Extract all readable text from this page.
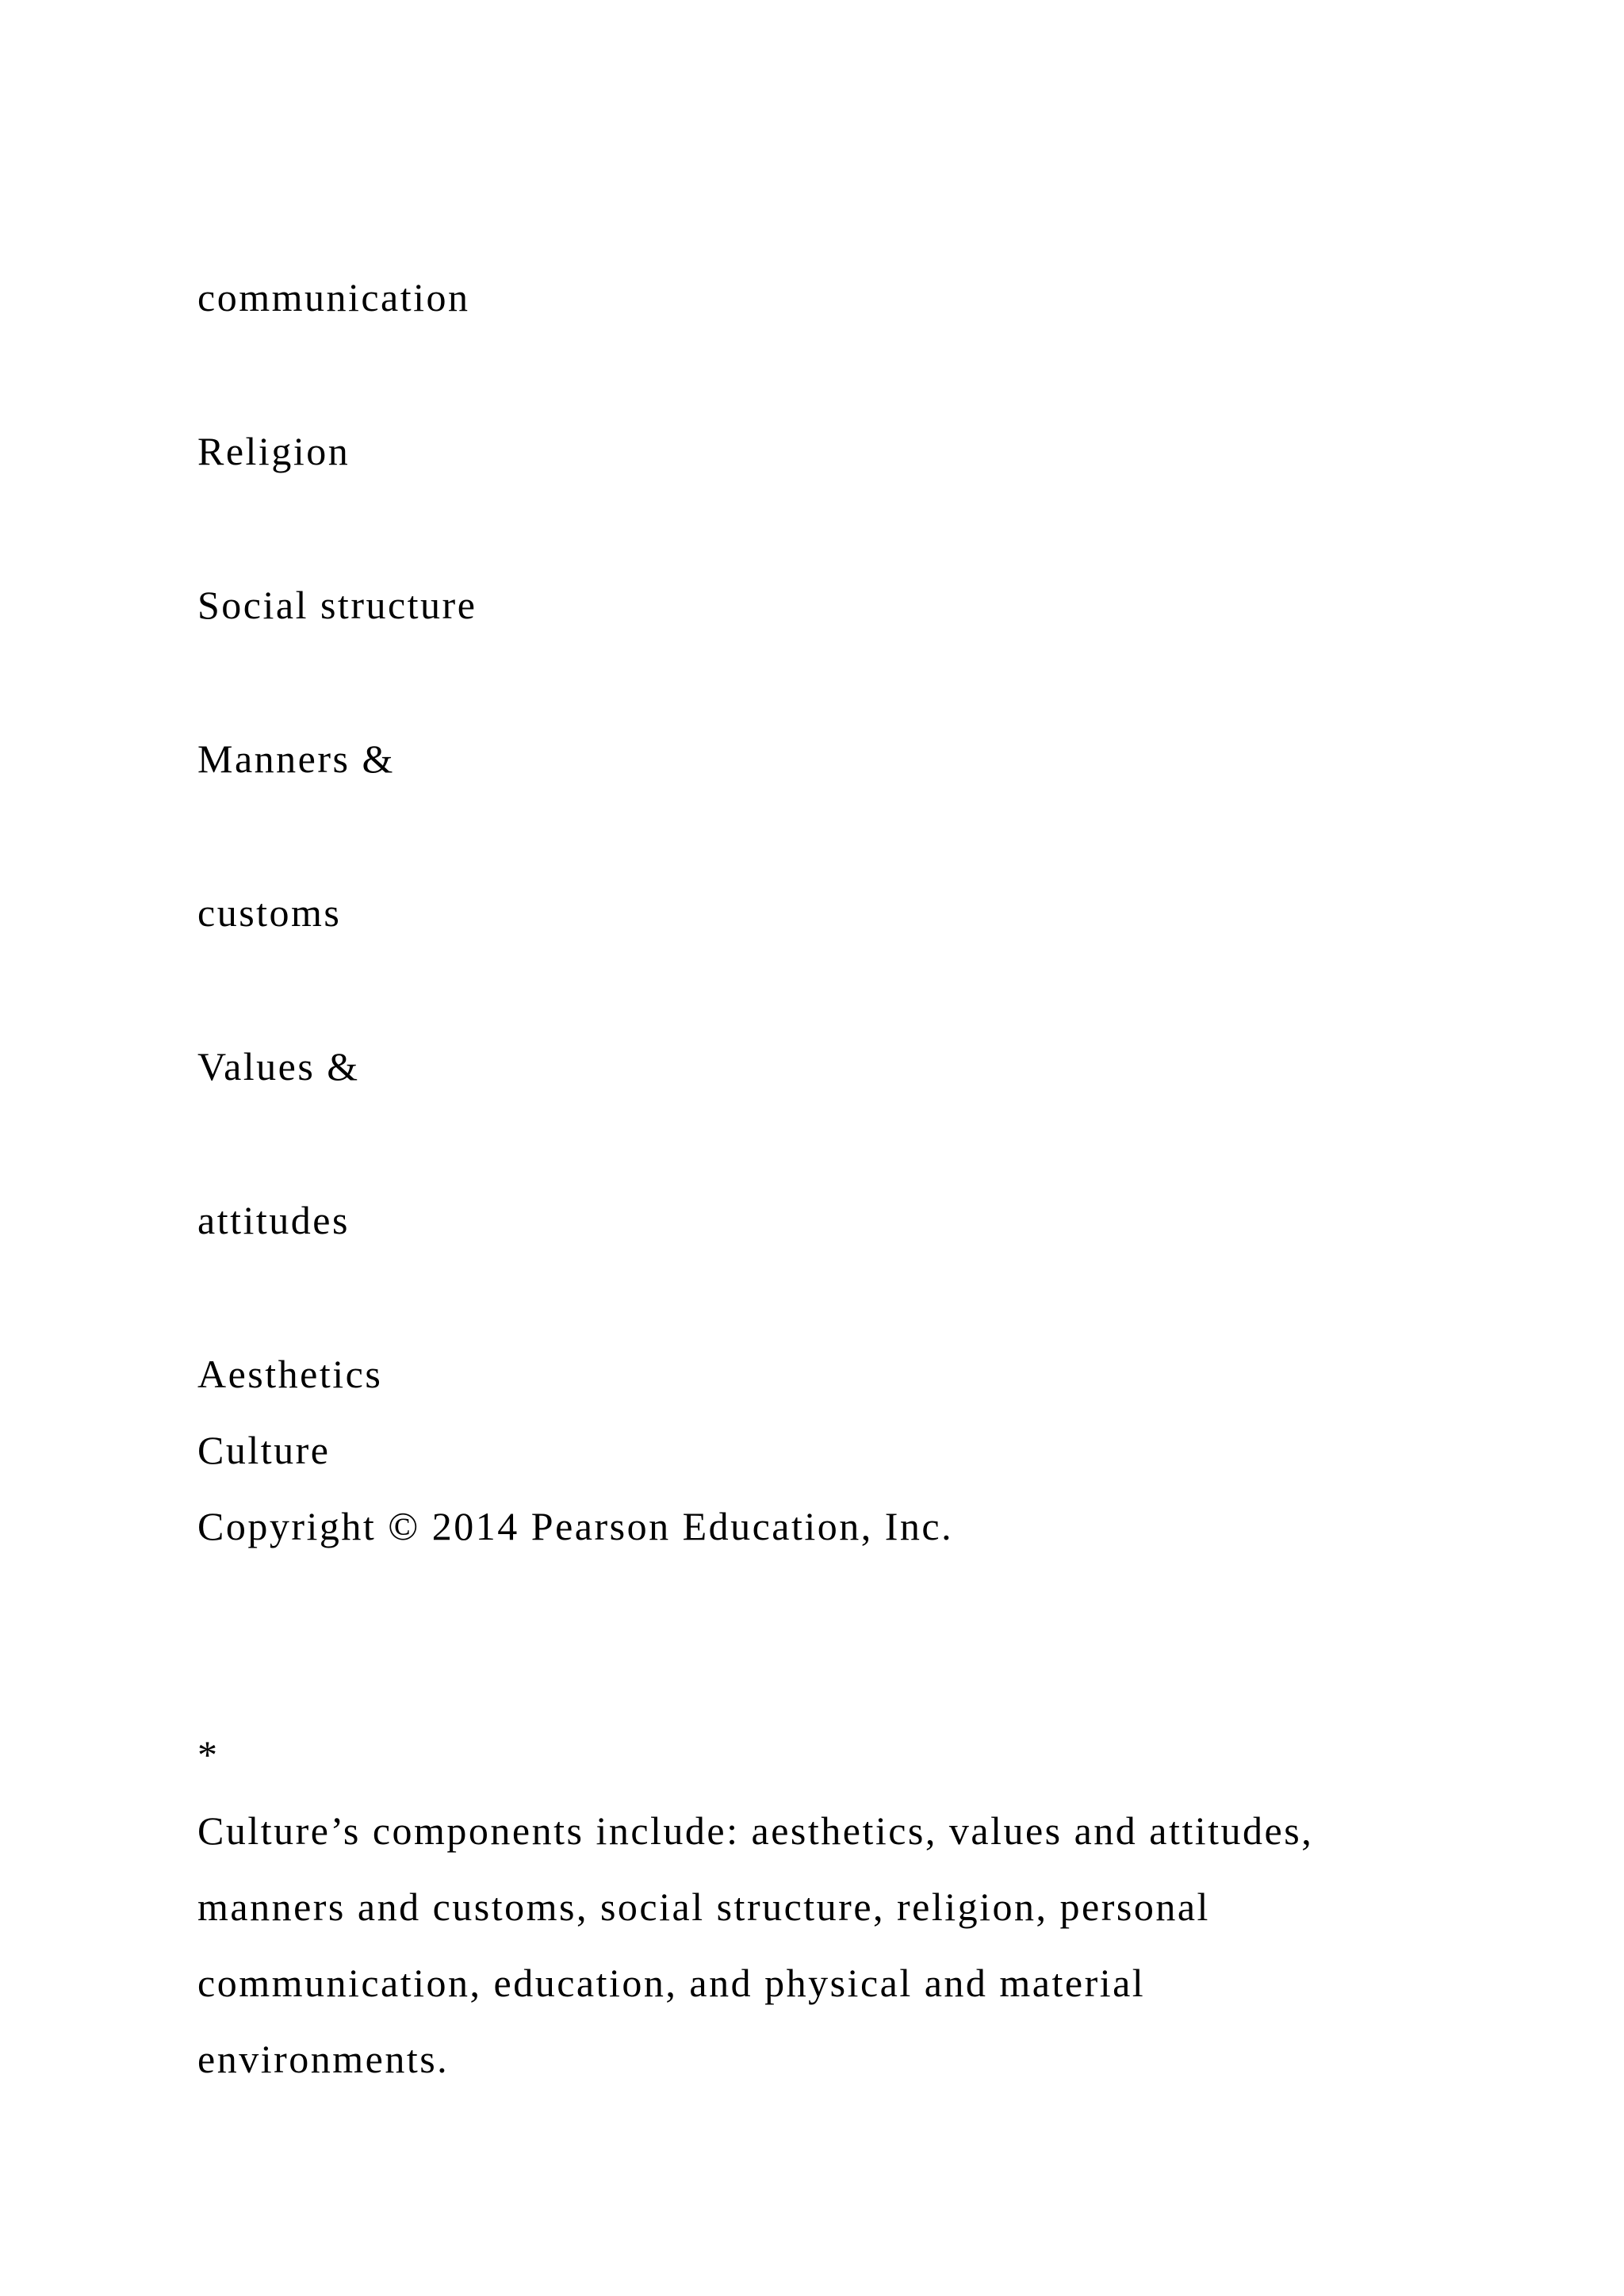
communication

Religion

Social structure

Manners &

customs

Values &

attitudes

Aesthetics

Culture

Copyright © 2014 Pearson Education, Inc.

*

Culture’s components include: aesthetics, values and attitudes,

manners and customs, social structure, religion, personal

communication, education, and physical and material

environments.
